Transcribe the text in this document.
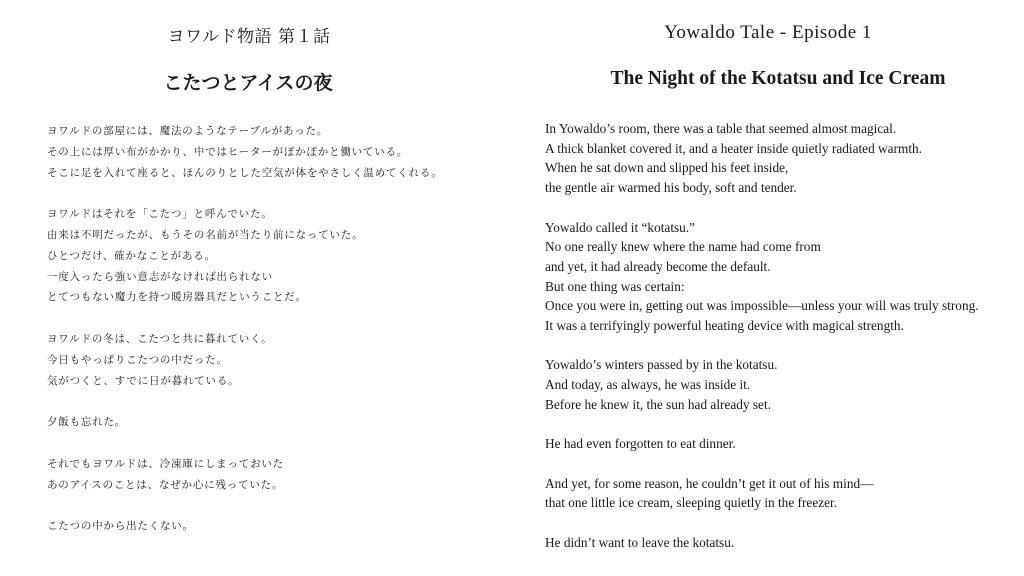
ヨワルド物語 第１話
こたつとアイスの夜
ヨワルドの部屋には、魔法のようなテーブルがあった。
その上には厚い布がかかり、中ではヒーターがぽかぽかと働いている。
そこに足を入れて座ると、ほんのりとした空気が体をやさしく温めてくれる。
ヨワルドはそれを「こたつ」と呼んでいた。
由来は不明だったが、もうその名前が当たり前になっていた。
ひとつだけ、確かなことがある。
一度入ったら強い意志がなければ出られない
とてつもない魔力を持つ暖房器具だということだ。
ヨワルドの冬は、こたつと共に暮れていく。
今日もやっぱりこたつの中だった。
気がつくと、すでに日が暮れている。
夕飯も忘れた。
それでもヨワルドは、冷凍庫にしまっておいた
あのアイスのことは、なぜか心に残っていた。
こたつの中から出たくない。
Yowaldo Tale - Episode 1
The Night of the Kotatsu and Ice Cream
In Yowaldo’s room, there was a table that seemed almost magical.
A thick blanket covered it, and a heater inside quietly radiated warmth.
When he sat down and slipped his feet inside,
the gentle air warmed his body, soft and tender.
Yowaldo called it “kotatsu.”
No one really knew where the name had come from
and yet, it had already become the default.
But one thing was certain:
Once you were in, getting out was impossible—unless your will was truly strong.
It was a terrifyingly powerful heating device with magical strength.
Yowaldo’s winters passed by in the kotatsu.
And today, as always, he was inside it.
Before he knew it, the sun had already set.
He had even forgotten to eat dinner.
And yet, for some reason, he couldn’t get it out of his mind—
that one little ice cream, sleeping quietly in the freezer.
He didn’t want to leave the kotatsu.
